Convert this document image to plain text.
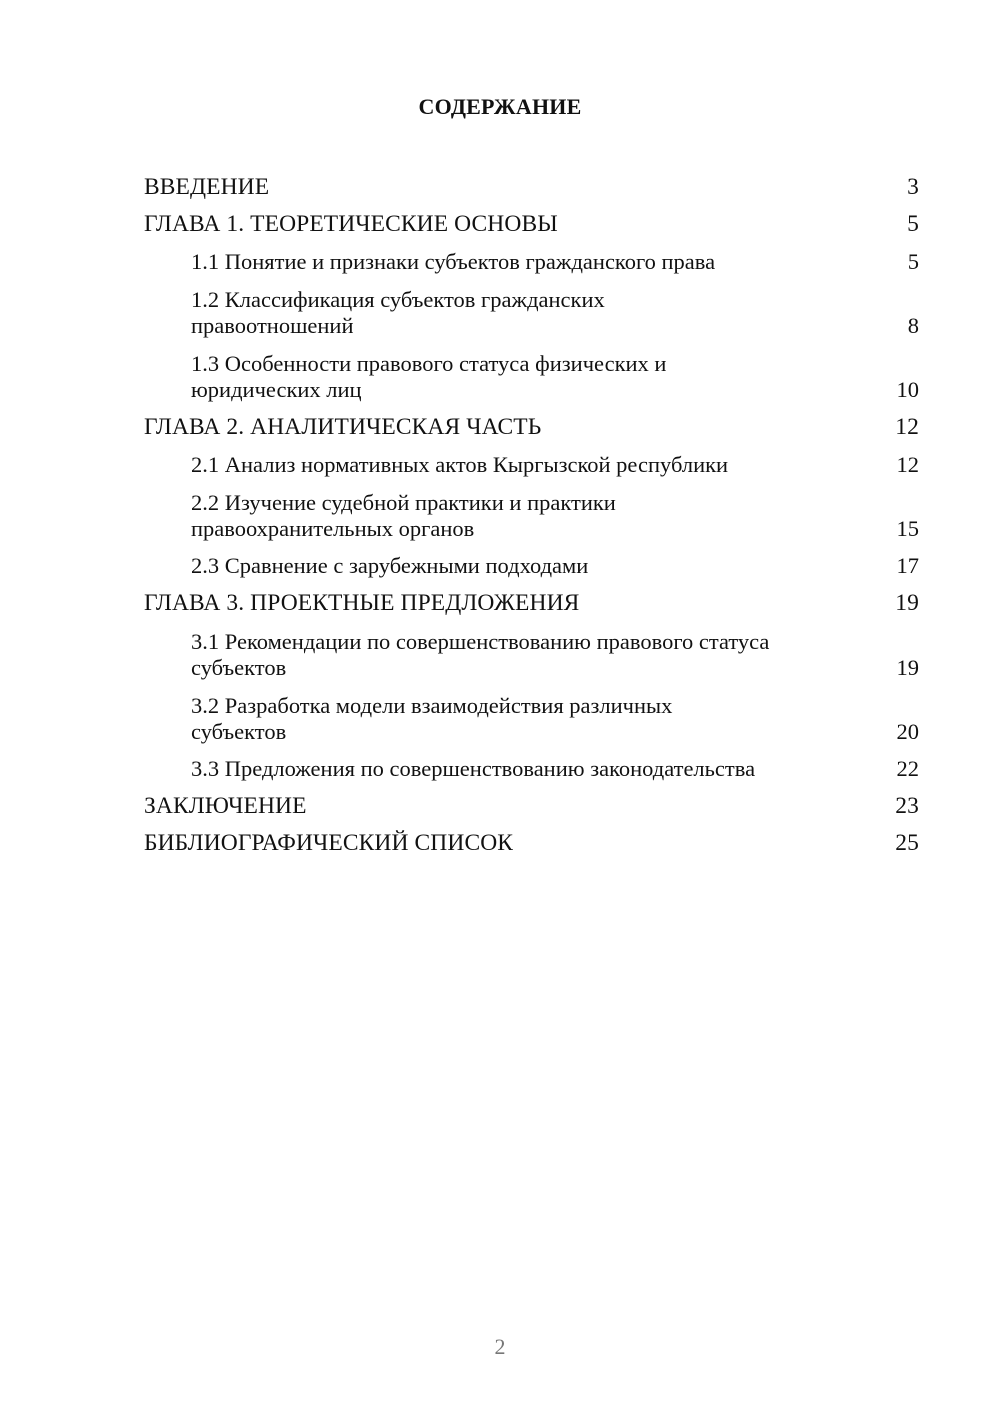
СОДЕРЖАНИЕ
ВВЕДЕНИЕ	3
ГЛАВА 1. ТЕОРЕТИЧЕСКИЕ ОСНОВЫ	5
1.1 Понятие и признаки субъектов гражданского права	5
1.2 Классификация субъектов гражданских правоотношений	8
1.3 Особенности правового статуса физических и юридических лиц	10
ГЛАВА 2. АНАЛИТИЧЕСКАЯ ЧАСТЬ	12
2.1 Анализ нормативных актов Кыргызской республики	12
2.2 Изучение судебной практики и практики правоохранительных органов	15
2.3 Сравнение с зарубежными подходами	17
ГЛАВА 3. ПРОЕКТНЫЕ ПРЕДЛОЖЕНИЯ	19
3.1 Рекомендации по совершенствованию правового статуса субъектов	19
3.2 Разработка модели взаимодействия различных субъектов	20
3.3 Предложения по совершенствованию законодательства	22
ЗАКЛЮЧЕНИЕ	23
БИБЛИОГРАФИЧЕСКИЙ СПИСОК	25
2
